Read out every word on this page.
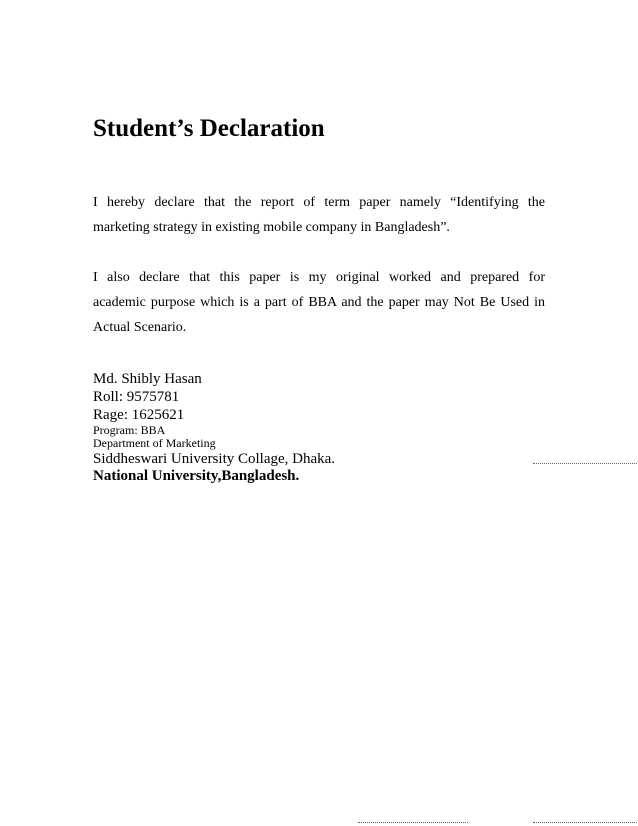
Student’s Declaration
I hereby declare that the report of term paper namely “Identifying the
marketing strategy in existing mobile company in Bangladesh”.
I also declare that this paper is my original worked and prepared for
academic purpose which is a part of BBA and the paper may Not Be Used in
Actual Scenario.
Md. Shibly Hasan
Roll: 9575781
Rage: 1625621
Program: BBA
Department of Marketing
Siddheswari University Collage, Dhaka.
National University,Bangladesh.
